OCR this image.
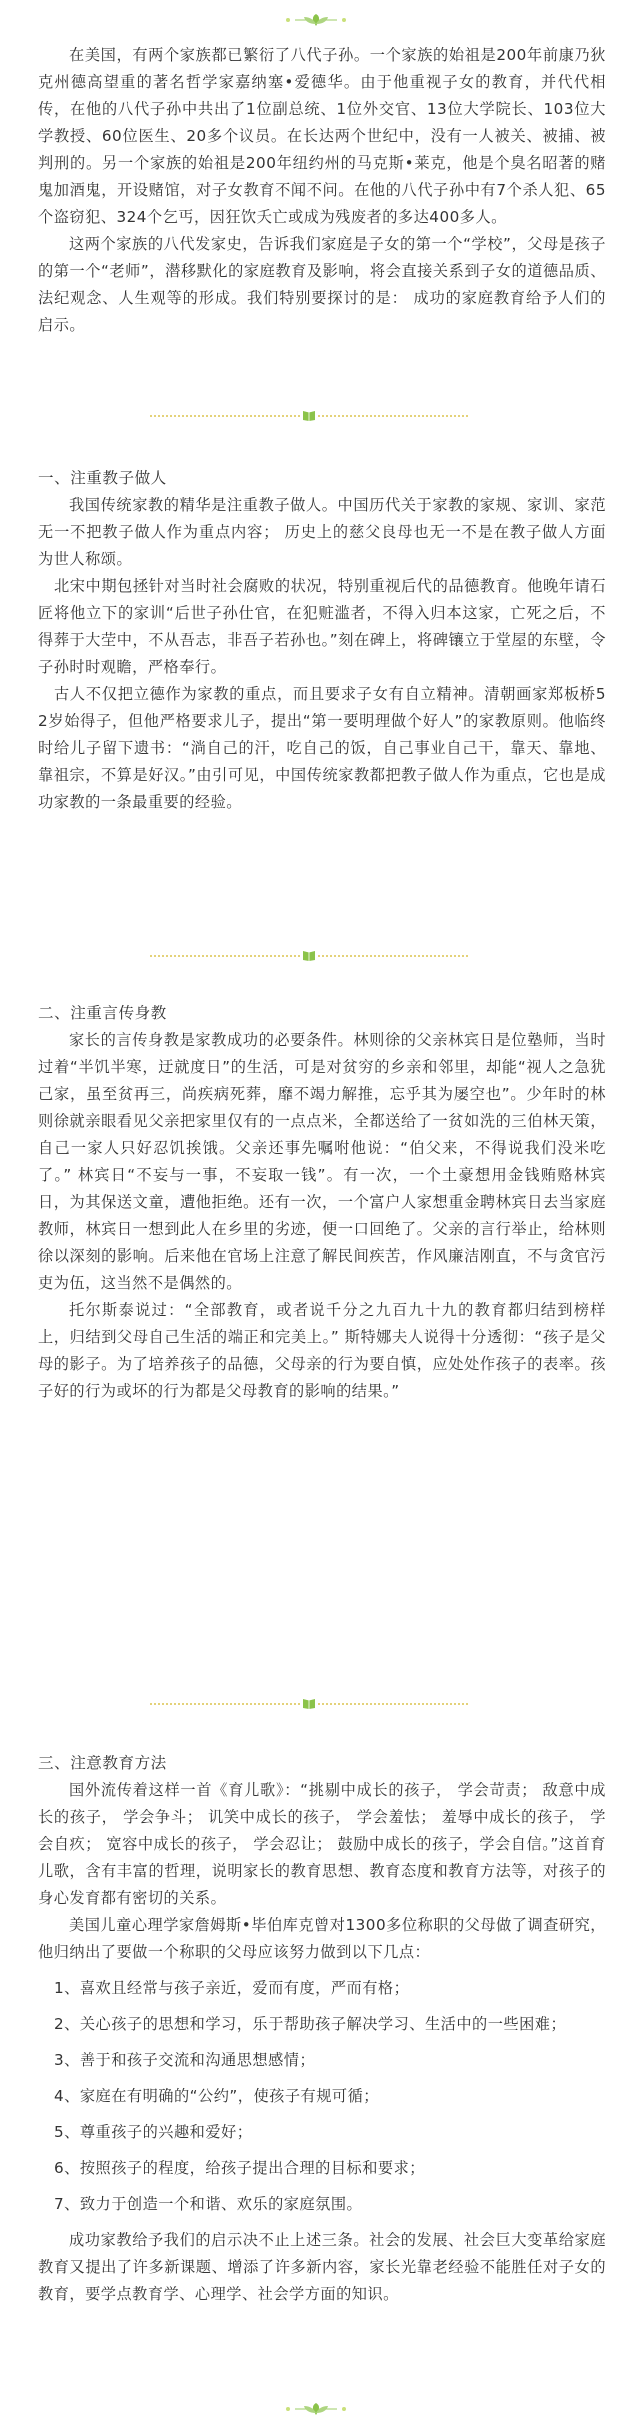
在美国，有两个家族都已繁衍了八代子孙。一个家族的始祖是200年前康乃狄克州德高望重的著名哲学家嘉纳塞•爱德华。由于他重视子女的教育，并代代相传，在他的八代子孙中共出了1位副总统、1位外交官、13位大学院长、103位大学教授、60位医生、20多个议员。在长达两个世纪中，没有一人被关、被捕、被判刑的。另一个家族的始祖是200年纽约州的马克斯•莱克，他是个臭名昭著的赌鬼加酒鬼，开设赌馆，对子女教育不闻不问。在他的八代子孙中有7个杀人犯、65个盗窃犯、324个乞丐，因狂饮夭亡或成为残废者的多达400多人。

这两个家族的八代发家史，告诉我们家庭是子女的第一个“学校”，父母是孩子的第一个“老师”，潜移默化的家庭教育及影响，将会直接关系到子女的道德品质、法纪观念、人生观等的形成。我们特别要探讨的是： 成功的家庭教育给予人们的启示。

一、注重教子做人

我国传统家教的精华是注重教子做人。中国历代关于家教的家规、家训、家范无一不把教子做人作为重点内容； 历史上的慈父良母也无一不是在教子做人方面为世人称颂。

北宋中期包拯针对当时社会腐败的状况，特别重视后代的品德教育。他晚年请石匠将他立下的家训“后世子孙仕官，在犯赃滥者，不得入归本这家，亡死之后，不得葬于大茔中，不从吾志，非吾子若孙也。”刻在碑上，将碑镶立于堂屋的东壁，令子孙时时观瞻，严格奉行。

古人不仅把立德作为家教的重点，而且要求子女有自立精神。清朝画家郑板桥52岁始得子，但他严格要求儿子，提出“第一要明理做个好人”的家教原则。他临终时给儿子留下遗书：“淌自己的汗，吃自己的饭，自己事业自己干，靠天、靠地、靠祖宗，不算是好汉。”由引可见，中国传统家教都把教子做人作为重点，它也是成功家教的一条最重要的经验。

二、注重言传身教

家长的言传身教是家教成功的必要条件。林则徐的父亲林宾日是位塾师，当时过着“半饥半寒，迂就度日”的生活，可是对贫穷的乡亲和邻里，却能“视人之急犹己家，虽至贫再三，尚疾病死葬，靡不竭力解推，忘乎其为屡空也”。少年时的林则徐就亲眼看见父亲把家里仅有的一点点米，全都送给了一贫如洗的三伯林天策，自己一家人只好忍饥挨饿。父亲还事先嘱咐他说：“伯父来，不得说我们没米吃了。” 林宾日“不妄与一事，不妄取一钱”。有一次，一个土豪想用金钱贿赂林宾日，为其保送文童，遭他拒绝。还有一次，一个富户人家想重金聘林宾日去当家庭教师，林宾日一想到此人在乡里的劣迹，便一口回绝了。父亲的言行举止，给林则徐以深刻的影响。后来他在官场上注意了解民间疾苦，作风廉洁刚直，不与贪官污吏为伍，这当然不是偶然的。

托尔斯泰说过：“全部教育，或者说千分之九百九十九的教育都归结到榜样上，归结到父母自己生活的端正和完美上。” 斯特娜夫人说得十分透彻：“孩子是父母的影子。为了培养孩子的品德，父母亲的行为要自慎，应处处作孩子的表率。孩子好的行为或坏的行为都是父母教育的影响的结果。”

三、注意教育方法

国外流传着这样一首《育儿歌》：“挑剔中成长的孩子， 学会苛责； 敌意中成长的孩子， 学会争斗； 讥笑中成长的孩子， 学会羞怯； 羞辱中成长的孩子， 学会自疚； 宽容中成长的孩子， 学会忍让； 鼓励中成长的孩子，学会自信。”这首育儿歌，含有丰富的哲理，说明家长的教育思想、教育态度和教育方法等，对孩子的身心发育都有密切的关系。

美国儿童心理学家詹姆斯•毕伯库克曾对1300多位称职的父母做了调查研究，他归纳出了要做一个称职的父母应该努力做到以下几点：

1、喜欢且经常与孩子亲近，爱而有度，严而有格；

2、关心孩子的思想和学习，乐于帮助孩子解决学习、生活中的一些困难；

3、善于和孩子交流和沟通思想感情；

4、家庭在有明确的“公约”，使孩子有规可循；

5、尊重孩子的兴趣和爱好；

6、按照孩子的程度，给孩子提出合理的目标和要求；

7、致力于创造一个和谐、欢乐的家庭氛围。

成功家教给予我们的启示决不止上述三条。社会的发展、社会巨大变革给家庭教育又提出了许多新课题、增添了许多新内容，家长光靠老经验不能胜任对子女的教育，要学点教育学、心理学、社会学方面的知识。
